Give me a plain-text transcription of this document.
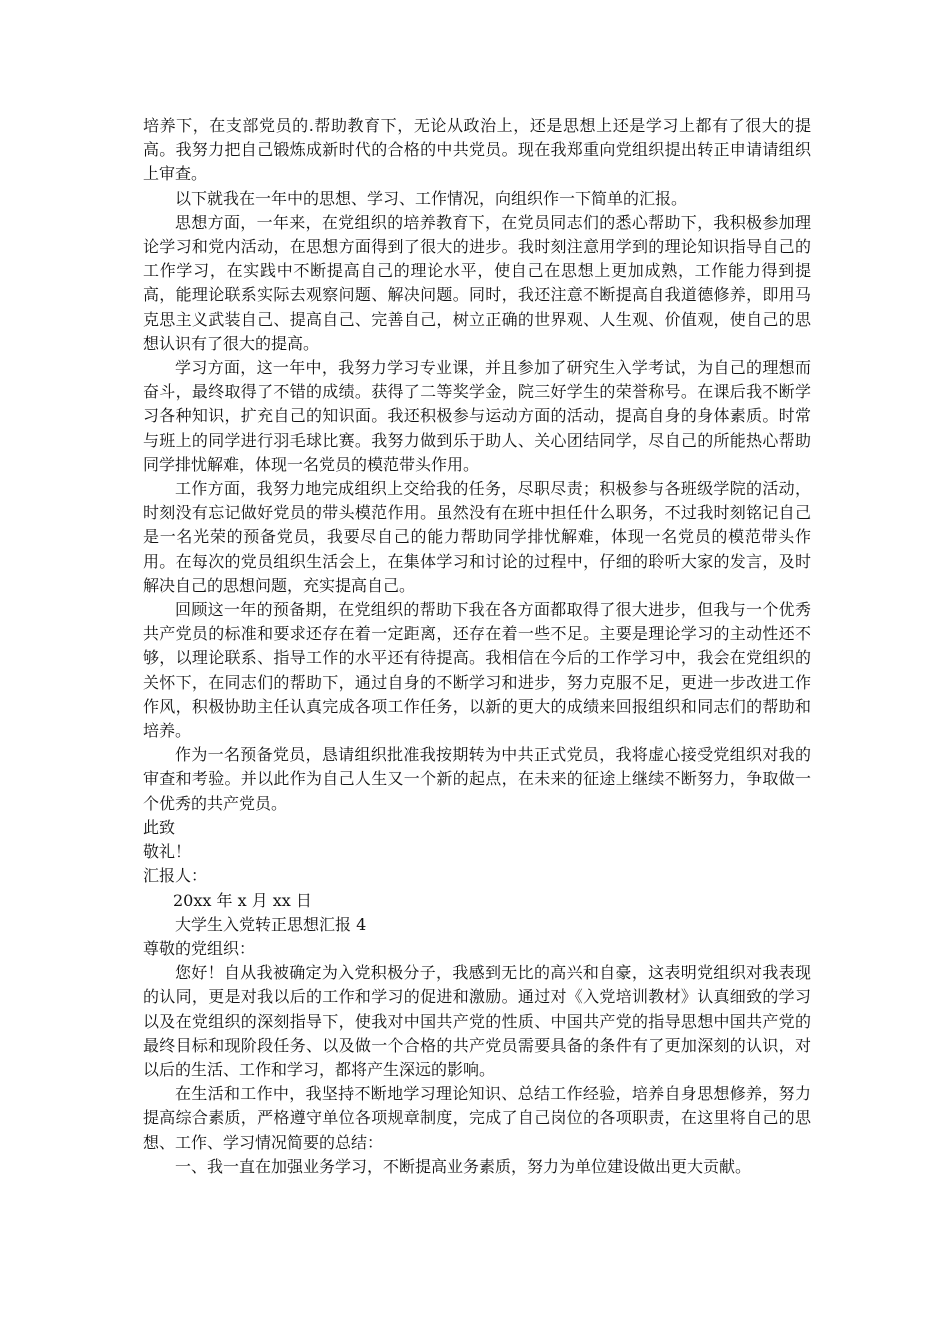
培养下，在支部党员的.帮助教育下，无论从政治上，还是思想上还是学习上都有了很大的提高。我努力把自己锻炼成新时代的合格的中共党员。现在我郑重向党组织提出转正申请请组织上审查。

以下就我在一年中的思想、学习、工作情况，向组织作一下简单的汇报。

思想方面，一年来，在党组织的培养教育下，在党员同志们的悉心帮助下，我积极参加理论学习和党内活动，在思想方面得到了很大的进步。我时刻注意用学到的理论知识指导自己的工作学习，在实践中不断提高自己的理论水平，使自己在思想上更加成熟，工作能力得到提高，能理论联系实际去观察问题、解决问题。同时，我还注意不断提高自我道德修养，即用马克思主义武装自己、提高自己、完善自己，树立正确的世界观、人生观、价值观，使自己的思想认识有了很大的提高。

学习方面，这一年中，我努力学习专业课，并且参加了研究生入学考试，为自己的理想而奋斗，最终取得了不错的成绩。获得了二等奖学金，院三好学生的荣誉称号。在课后我不断学习各种知识，扩充自己的知识面。我还积极参与运动方面的活动，提高自身的身体素质。时常与班上的同学进行羽毛球比赛。我努力做到乐于助人、关心团结同学，尽自己的所能热心帮助同学排忧解难，体现一名党员的模范带头作用。

工作方面，我努力地完成组织上交给我的任务，尽职尽责；积极参与各班级学院的活动，时刻没有忘记做好党员的带头模范作用。虽然没有在班中担任什么职务，不过我时刻铭记自己是一名光荣的预备党员，我要尽自己的能力帮助同学排忧解难，体现一名党员的模范带头作用。在每次的党员组织生活会上，在集体学习和讨论的过程中，仔细的聆听大家的发言，及时解决自己的思想问题，充实提高自己。

回顾这一年的预备期，在党组织的帮助下我在各方面都取得了很大进步，但我与一个优秀共产党员的标准和要求还存在着一定距离，还存在着一些不足。主要是理论学习的主动性还不够，以理论联系、指导工作的水平还有待提高。我相信在今后的工作学习中，我会在党组织的关怀下，在同志们的帮助下，通过自身的不断学习和进步，努力克服不足，更进一步改进工作作风，积极协助主任认真完成各项工作任务，以新的更大的成绩来回报组织和同志们的帮助和培养。

作为一名预备党员，恳请组织批准我按期转为中共正式党员，我将虚心接受党组织对我的审查和考验。并以此作为自己人生又一个新的起点，在未来的征途上继续不断努力，争取做一个优秀的共产党员。

此致

敬礼！

汇报人：

20xx 年 x 月 xx 日

大学生入党转正思想汇报 4

尊敬的党组织：

您好！自从我被确定为入党积极分子，我感到无比的高兴和自豪，这表明党组织对我表现的认同，更是对我以后的工作和学习的促进和激励。通过对《入党培训教材》认真细致的学习以及在党组织的深刻指导下，使我对中国共产党的性质、中国共产党的指导思想中国共产党的最终目标和现阶段任务、以及做一个合格的共产党员需要具备的条件有了更加深刻的认识，对以后的生活、工作和学习，都将产生深远的影响。

在生活和工作中，我坚持不断地学习理论知识、总结工作经验，培养自身思想修养，努力提高综合素质，严格遵守单位各项规章制度，完成了自己岗位的各项职责，在这里将自己的思想、工作、学习情况简要的总结：

一、我一直在加强业务学习，不断提高业务素质，努力为单位建设做出更大贡献。
